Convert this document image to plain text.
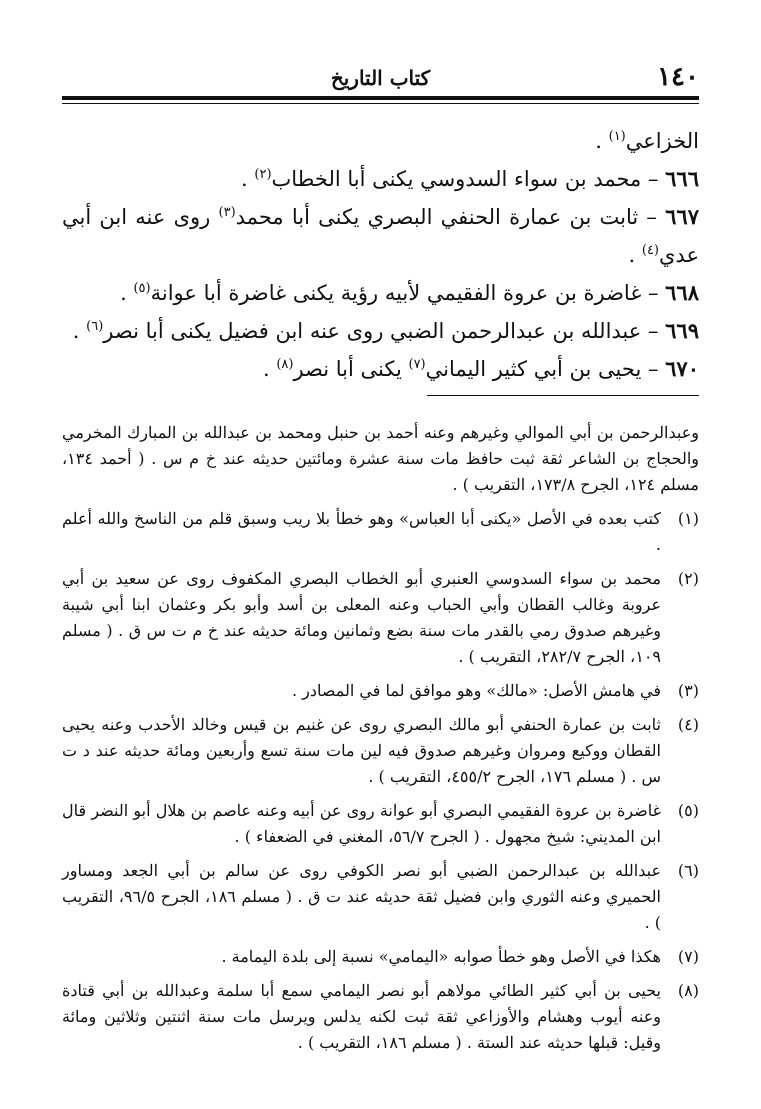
١٤٠
كتاب التاريخ

الخزاعي$^{(١)}$ .

٦٦٦ – محمد بن سواء السدوسي يكنى أبا الخطاب$^{(٢)}$ .

٦٦٧ – ثابت بن عمارة الحنفي البصري يكنى أبا محمد$^{(٣)}$ روى عنه ابن أبي عدي$^{(٤)}$ .

٦٦٨ – غاضرة بن عروة الفقيمي لأبيه رؤية يكنى غاضرة أبا عوانة$^{(٥)}$ .

٦٦٩ – عبدالله بن عبدالرحمن الضبي روى عنه ابن فضيل يكنى أبا نصر$^{(٦)}$ .

٦٧٠ – يحيى بن أبي كثير اليماني$^{(٧)}$ يكنى أبا نصر$^{(٨)}$ .

وعبدالرحمن بن أبي الموالي وغيرهم وعنه أحمد بن حنبل ومحمد بن عبدالله بن المبارك المخرمي والحجاج بن الشاعر ثقة ثبت حافظ مات سنة عشرة ومائتين حديثه عند خ م س . ( أحمد ١٣٤، مسلم ١٢٤، الجرح ١٧٣/٨، التقريب ) .

(١)
كتب بعده في الأصل «يكنى أبا العباس» وهو خطأ بلا ريب وسبق قلم من الناسخ والله أعلم .

(٢)
محمد بن سواء السدوسي العنبري أبو الخطاب البصري المكفوف روى عن سعيد بن أبي عروبة وغالب القطان وأبي الحباب وعنه المعلى بن أسد وأبو بكر وعثمان ابنا أبي شيبة وغيرهم صدوق رمي بالقدر مات سنة بضع وثمانين ومائة حديثه عند خ م ت س ق . ( مسلم ١٠٩، الجرح ٢٨٢/٧، التقريب ) .

(٣)
في هامش الأصل: «مالك» وهو موافق لما في المصادر .

(٤)
ثابت بن عمارة الحنفي أبو مالك البصري روى عن غنيم بن قيس وخالد الأحدب وعنه يحيى القطان ووكيع ومروان وغيرهم صدوق فيه لين مات سنة تسع وأربعين ومائة حديثه عند د ت س . ( مسلم ١٧٦، الجرح ٤٥٥/٢، التقريب ) .

(٥)
غاضرة بن عروة الفقيمي البصري أبو عوانة روى عن أبيه وعنه عاصم بن هلال أبو النضر قال ابن المديني: شيخ مجهول . ( الجرح ٥٦/٧، المغني في الضعفاء ) .

(٦)
عبدالله بن عبدالرحمن الضبي أبو نصر الكوفي روى عن سالم بن أبي الجعد ومساور الحميري وعنه الثوري وابن فضيل ثقة حديثه عند ت ق . ( مسلم ١٨٦، الجرح ٩٦/٥، التقريب ) .

(٧)
هكذا في الأصل وهو خطأ صوابه «اليمامي» نسبة إلى بلدة اليمامة .

(٨)
يحيى بن أبي كثير الطائي مولاهم أبو نصر اليمامي سمع أبا سلمة وعبدالله بن أبي قتادة وعنه أيوب وهشام والأوزاعي ثقة ثبت لكنه يدلس ويرسل مات سنة اثنتين وثلاثين ومائة وقيل: قبلها حديثه عند الستة . ( مسلم ١٨٦، التقريب ) .
